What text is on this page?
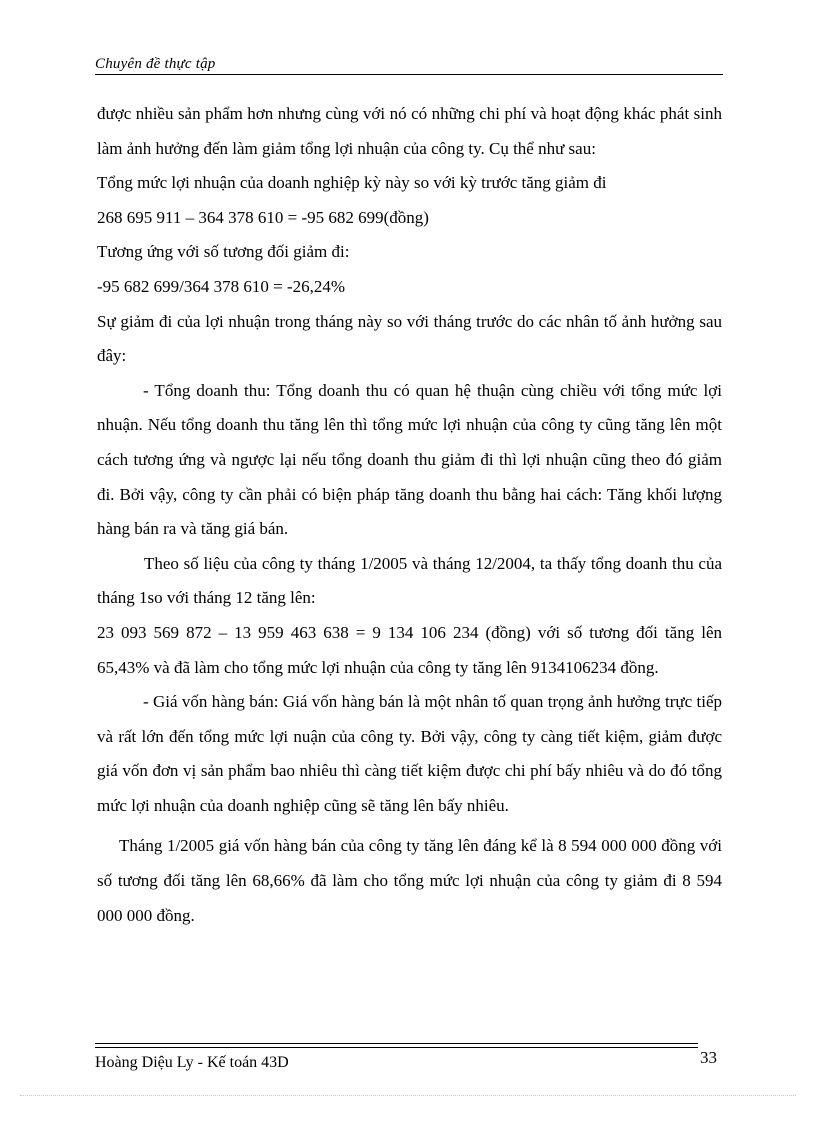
Chuyên đề thực tập

được nhiều sản phẩm hơn nhưng cùng với nó có những chi phí và hoạt động khác phát sinh làm ảnh hưởng đến làm giảm tổng lợi nhuận của công ty. Cụ thể như sau:

Tổng mức lợi nhuận của doanh nghiệp kỳ này so với kỳ trước tăng giảm đi

268 695 911 – 364 378 610 = -95 682 699(đồng)

Tương ứng với số tương đối giảm đi:

-95 682 699/364 378 610 = -26,24%

Sự giảm đi của lợi nhuận trong tháng này so với tháng trước do các nhân tố ảnh hưởng sau đây:

- Tổng doanh thu: Tổng doanh thu có quan hệ thuận cùng chiều với tổng mức lợi nhuận. Nếu tổng doanh thu tăng lên thì tổng mức lợi nhuận của công ty cũng tăng lên một cách tương ứng và ngược lại nếu tổng doanh thu giảm đi thì lợi nhuận cũng theo đó giảm đi. Bởi vậy, công ty cần phải có biện pháp tăng doanh thu bằng hai cách: Tăng khối lượng hàng bán ra và tăng giá bán.

Theo số liệu của công ty tháng 1/2005 và tháng 12/2004, ta thấy tổng doanh thu của tháng 1so với tháng 12 tăng lên:

23 093 569 872 – 13 959 463 638 = 9 134 106 234 (đồng) với số tương đối tăng lên 65,43% và đã làm cho tổng mức lợi nhuận của công ty tăng lên 9134106234 đồng.

- Giá vốn hàng bán: Giá vốn hàng bán là một nhân tố quan trọng ảnh hưởng trực tiếp và rất lớn đến tổng mức lợi nuận của công ty. Bởi vậy, công ty càng tiết kiệm, giảm được giá vốn đơn vị sản phẩm bao nhiêu thì càng tiết kiệm được chi phí bấy nhiêu và do đó tổng mức lợi nhuận của doanh nghiệp cũng sẽ tăng lên bấy nhiêu.

Tháng 1/2005 giá vốn hàng bán của công ty tăng lên đáng kể là 8 594 000 000 đồng với số tương đối tăng lên 68,66% đã làm cho tổng mức lợi nhuận của công ty giảm đi 8 594 000 000 đồng.

Hoàng Diệu Ly - Kế toán 43D	33
